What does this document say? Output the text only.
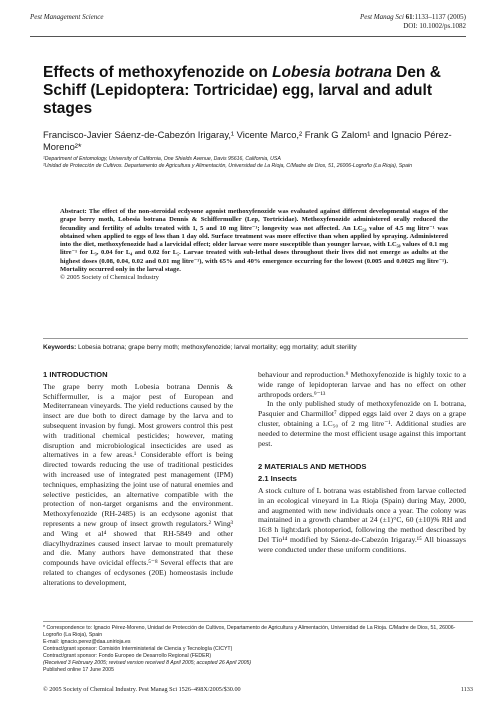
Pest Management Science	Pest Manag Sci 61:1133–1137 (2005)
DOI: 10.1002/ps.1082
Effects of methoxyfenozide on Lobesia botrana Den & Schiff (Lepidoptera: Tortricidae) egg, larval and adult stages
Francisco-Javier Sáenz-de-Cabezón Irigaray,¹ Vicente Marco,² Frank G Zalom¹ and Ignacio Pérez-Moreno²*
¹Department of Entomology, University of California, One Shields Avenue, Davis 95616, California, USA
²Unidad de Protección de Cultivos. Departamento de Agricultura y Alimentación, Universidad de La Rioja, C/Madre de Dios, 51, 26006-Logroño (La Rioja), Spain
Abstract: The effect of the non-steroidal ecdysone agonist methoxyfenozide was evaluated against different developmental stages of the grape berry moth, Lobesia botrana Dennis & Schiffermuller (Lep, Tortricidae). Methoxyfenozide administered orally reduced the fecundity and fertility of adults treated with 1, 5 and 10 mg litre⁻¹; longevity was not affected. An LC₅₀ value of 4.5 mg litre⁻¹ was obtained when applied to eggs of less than 1 day old. Surface treatment was more effective than when applied by spraying. Administered into the diet, methoxyfenozide had a larvicidal effect; older larvae were more susceptible than younger larvae, with LC₅₀ values of 0.1 mg litre⁻¹ for L₃, 0.04 for L₄ and 0.02 for L₅. Larvae treated with sub-lethal doses throughout their lives did not emerge as adults at the highest doses (0.08, 0.04, 0.02 and 0.01 mg litre⁻¹), with 65% and 40% emergence occurring for the lowest (0.005 and 0.0025 mg litre⁻¹). Mortality occurred only in the larval stage.
© 2005 Society of Chemical Industry
Keywords: Lobesia botrana; grape berry moth; methoxyfenozide; larval mortality; egg mortality; adult sterility
1 INTRODUCTION

The grape berry moth Lobesia botrana Dennis & Schiffermuller, is a major pest of European and Mediterranean vineyards. The yield reductions caused by the insect are due both to direct damage by the larva and to subsequent invasion by fungi. Most growers control this pest with traditional chemical pesticides; however, mating disruption and microbiological insecticides are used as alternatives in a few areas.¹ Considerable effort is being directed towards reducing the use of traditional pesticides with increased use of integrated pest management (IPM) techniques, emphasizing the joint use of natural enemies and selective pesticides, an alternative compatible with the protection of non-target organisms and the environment. Methoxyfenozide (RH-2485) is an ecdysone agonist that represents a new group of insect growth regulators.² Wing³ and Wing et al⁴ showed that RH-5849 and other diacylhydrazines caused insect larvae to moult prematurely and die. Many authors have demonstrated that these compounds have ovicidal effects.⁵⁻⁸ Several effects that are related to changes of ecdysones (20E) homeostasis include alterations to development,

behaviour and reproduction.⁹ Methoxyfenozide is highly toxic to a wide range of lepidopteran larvae and has no effect on other arthropods orders.⁹⁻¹³

In the only published study of methoxyfenozide on L botrana, Pasquier and Charmillot⁷ dipped eggs laid over 2 days on a grape cluster, obtaining a LC₅₀ of 2 mg litre⁻¹. Additional studies are needed to determine the most efficient usage against this important pest.

2 MATERIALS AND METHODS
2.1 Insects

A stock culture of L botrana was established from larvae collected in an ecological vineyard in La Rioja (Spain) during May, 2000, and augmented with new individuals once a year. The colony was maintained in a growth chamber at 24 (±1)°C, 60 (±10)% RH and 16:8 h light:dark photoperiod, following the method described by Del Tío¹⁴ modified by Sáenz-de-Cabezón Irigaray.¹⁵ All bioassays were conducted under these uniform conditions.

* Correspondence to: Ignacio Pérez-Moreno, Unidad de Protección de Cultivos, Departamento de Agricultura y Alimentación, Universidad de La Rioja. C/Madre de Dios, 51, 26006-Logroño (La Rioja), Spain
E-mail: ignacio.perez@daa.unirioja.es
Contract/grant sponsor: Comisión Interministerial de Ciencia y Tecnología (CICYT)
Contract/grant sponsor: Fondo Europeo de Desarrollo Regional (FEDER)
(Received 3 February 2005; revised version received 8 April 2005; accepted 26 April 2005)
Published online 17 June 2005
© 2005 Society of Chemical Industry. Pest Manag Sci 1526–498X/2005/$30.00	1133
